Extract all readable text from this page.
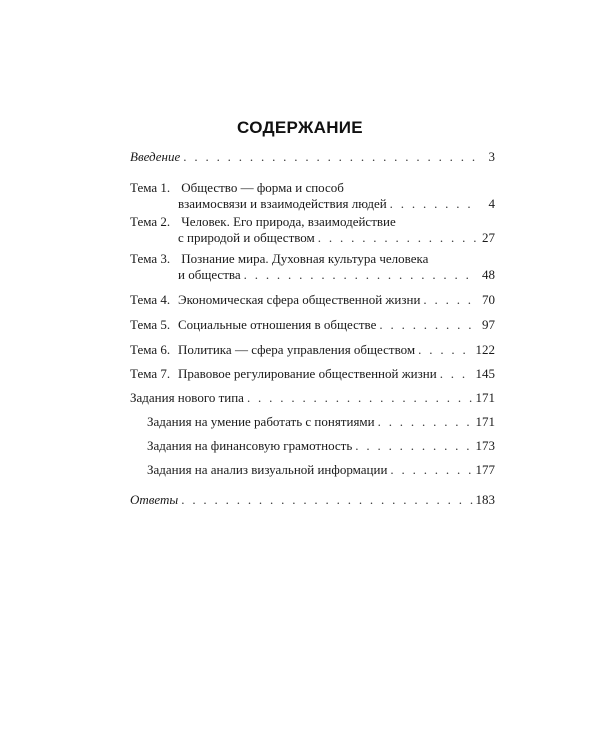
СОДЕРЖАНИЕ
Введение . . .	3
Тема 1. Общество — форма и способ
взаимосвязи и взаимодействия людей . . .	4
Тема 2. Человек. Его природа, взаимодействие
с природой и обществом . . .	27
Тема 3. Познание мира. Духовная культура человека
и общества . . .	48
Тема 4. Экономическая сфера общественной жизни . . .	70
Тема 5. Социальные отношения в обществе . . .	97
Тема 6. Политика — сфера управления обществом . . .	122
Тема 7. Правовое регулирование общественной жизни . . .	145
Задания нового типа . . .	171
Задания на умение работать с понятиями . . .	171
Задания на финансовую грамотность . . .	173
Задания на анализ визуальной информации . . .	177
Ответы . . .	183
